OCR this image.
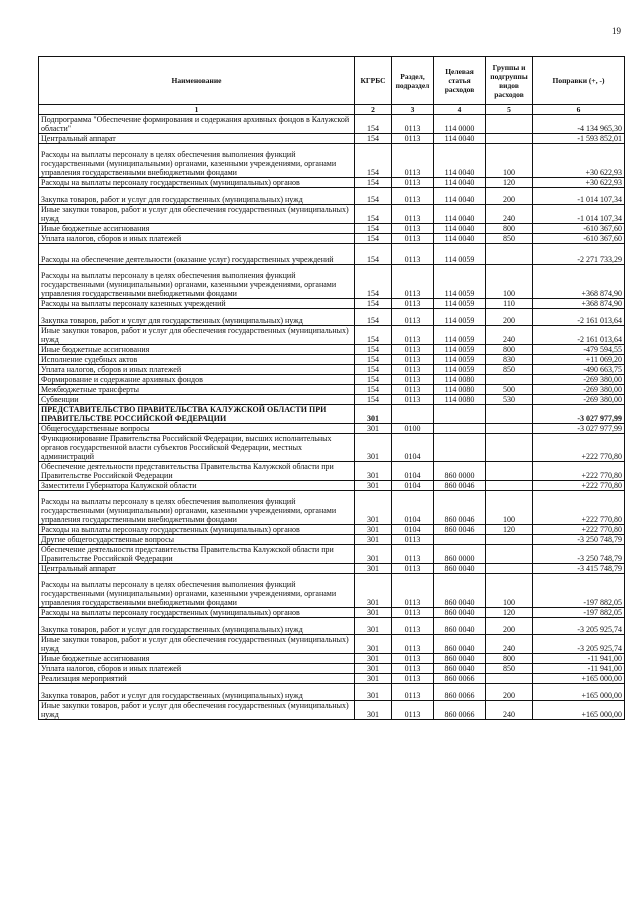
19
Наименование	КГРБС	Раздел, подраздел	Целевая статья расходов	Группы и подгруппы видов расходов	Поправки (+, -)
1	2	3	4	5	6
Подпрограмма "Обеспечение формирования и содержания архивных фондов в Калужской области"	154	0113	114 0000		-4 134 965,30
Центральный аппарат	154	0113	114 0040		-1 593 852,01
Расходы на выплаты персоналу в целях обеспечения выполнения функций государственными (муниципальными) органами, казенными учреждениями, органами управления государственными внебюджетными фондами	154	0113	114 0040	100	+30 622,93
Расходы на выплаты персоналу государственных (муниципальных) органов	154	0113	114 0040	120	+30 622,93
Закупка товаров, работ и услуг для государственных (муниципальных) нужд	154	0113	114 0040	200	-1 014 107,34
Иные закупки товаров, работ и услуг для обеспечения государственных (муниципальных) нужд	154	0113	114 0040	240	-1 014 107,34
Иные бюджетные ассигнования	154	0113	114 0040	800	-610 367,60
Уплата налогов, сборов и иных платежей	154	0113	114 0040	850	-610 367,60
Расходы на обеспечение деятельности (оказание услуг) государственных учреждений	154	0113	114 0059		-2 271 733,29
Расходы на выплаты персоналу в целях обеспечения выполнения функций государственными (муниципальными) органами, казенными учреждениями, органами управления государственными внебюджетными фондами	154	0113	114 0059	100	+368 874,90
Расходы на выплаты персоналу казенных учреждений	154	0113	114 0059	110	+368 874,90
Закупка товаров, работ и услуг для государственных (муниципальных) нужд	154	0113	114 0059	200	-2 161 013,64
Иные закупки товаров, работ и услуг для обеспечения государственных (муниципальных) нужд	154	0113	114 0059	240	-2 161 013,64
Иные бюджетные ассигнования	154	0113	114 0059	800	-479 594,55
Исполнение судебных актов	154	0113	114 0059	830	+11 069,20
Уплата налогов, сборов и иных платежей	154	0113	114 0059	850	-490 663,75
Формирование и содержание архивных фондов	154	0113	114 0080		-269 380,00
Межбюджетные трансферты	154	0113	114 0080	500	-269 380,00
Субвенции	154	0113	114 0080	530	-269 380,00
ПРЕДСТАВИТЕЛЬСТВО ПРАВИТЕЛЬСТВА КАЛУЖСКОЙ ОБЛАСТИ ПРИ ПРАВИТЕЛЬСТВЕ РОССИЙСКОЙ ФЕДЕРАЦИИ	301				-3 027 977,99
Общегосударственные вопросы	301	0100			-3 027 977,99
Функционирование Правительства Российской Федерации, высших исполнительных органов государственной власти субъектов Российской Федерации, местных администраций	301	0104			+222 770,80
Обеспечение деятельности представительства Правительства Калужской области при Правительстве Российской Федерации	301	0104	860 0000		+222 770,80
Заместители Губернатора Калужской области	301	0104	860 0046		+222 770,80
Расходы на выплаты персоналу в целях обеспечения выполнения функций государственными (муниципальными) органами, казенными учреждениями, органами управления государственными внебюджетными фондами	301	0104	860 0046	100	+222 770,80
Расходы на выплаты персоналу государственных (муниципальных) органов	301	0104	860 0046	120	+222 770,80
Другие общегосударственные вопросы	301	0113			-3 250 748,79
Обеспечение деятельности представительства Правительства Калужской области при Правительстве Российской Федерации	301	0113	860 0000		-3 250 748,79
Центральный аппарат	301	0113	860 0040		-3 415 748,79
Расходы на выплаты персоналу в целях обеспечения выполнения функций государственными (муниципальными) органами, казенными учреждениями, органами управления государственными внебюджетными фондами	301	0113	860 0040	100	-197 882,05
Расходы на выплаты персоналу государственных (муниципальных) органов	301	0113	860 0040	120	-197 882,05
Закупка товаров, работ и услуг для государственных (муниципальных) нужд	301	0113	860 0040	200	-3 205 925,74
Иные закупки товаров, работ и услуг для обеспечения государственных (муниципальных) нужд	301	0113	860 0040	240	-3 205 925,74
Иные бюджетные ассигнования	301	0113	860 0040	800	-11 941,00
Уплата налогов, сборов и иных платежей	301	0113	860 0040	850	-11 941,00
Реализация мероприятий	301	0113	860 0066		+165 000,00
Закупка товаров, работ и услуг для государственных (муниципальных) нужд	301	0113	860 0066	200	+165 000,00
Иные закупки товаров, работ и услуг для обеспечения государственных (муниципальных) нужд	301	0113	860 0066	240	+165 000,00
